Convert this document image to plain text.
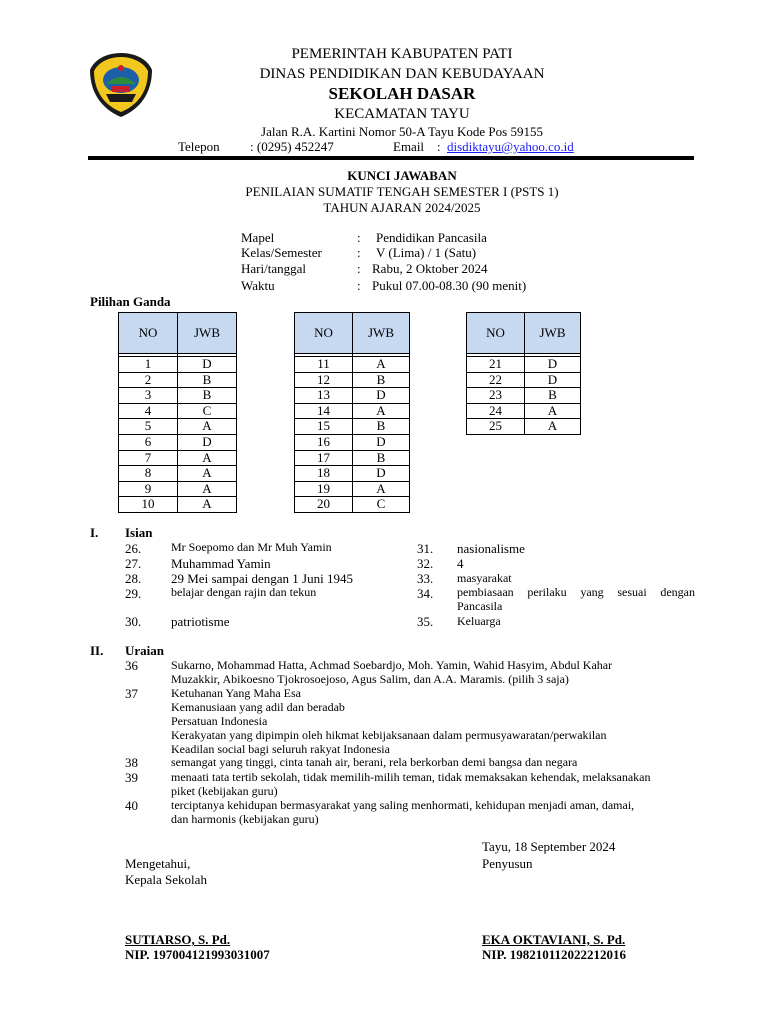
PEMERINTAH KABUPATEN PATI
DINAS PENDIDIKAN DAN KEBUDAYAAN
SEKOLAH DASAR
KECAMATAN TAYU
Jalan R.A. Kartini Nomor 50-A Tayu Kode Pos 59155
Telepon : (0295) 452247	Email : disdiktayu@yahoo.co.id
KUNCI JAWABAN
PENILAIAN SUMATIF TENGAH SEMESTER I (PSTS 1)
TAHUN AJARAN 2024/2025
Mapel	: Pendidikan Pancasila
Kelas/Semester	: V (Lima) / 1 (Satu)
Hari/tanggal	: Rabu, 2 Oktober 2024
Waktu	: Pukul 07.00-08.30 (90 menit)
Pilihan Ganda
NO	JWB

1	D
2	B
3	B
4	C
5	A
6	D
7	A
8	A
9	A
10	A
NO	JWB

11	A
12	B
13	D
14	A
15	B
16	D
17	B
18	D
19	A
20	C
NO	JWB

21	D
22	D
23	B
24	A
25	A
I. Isian
26. Mr Soepomo dan Mr Muh Yamin
27. Muhammad Yamin
28. 29 Mei sampai dengan 1 Juni 1945
29. belajar dengan rajin dan tekun
30. patriotisme
31. nasionalisme
32. 4
33. masyarakat
34. pembiasaan perilaku yang sesuai dengan Pancasila
35. Keluarga
II. Uraian
36	Sukarno, Mohammad Hatta, Achmad Soebardjo, Moh. Yamin, Wahid Hasyim, Abdul Kahar
Muzakkir, Abikoesno Tjokrosoejoso, Agus Salim, dan A.A. Maramis. (pilih 3 saja)
37	Ketuhanan Yang Maha Esa
Kemanusiaan yang adil dan beradab
Persatuan Indonesia
Kerakyatan yang dipimpin oleh hikmat kebijaksanaan dalam permusyawaratan/perwakilan
Keadilan social bagi seluruh rakyat Indonesia
38	semangat yang tinggi, cinta tanah air, berani, rela berkorban demi bangsa dan negara
39	menaati tata tertib sekolah, tidak memilih-milih teman, tidak memaksakan kehendak, melaksanakan
piket (kebijakan guru)
40	terciptanya kehidupan bermasyarakat yang saling menhormati, kehidupan menjadi aman, damai,
dan harmonis (kebijakan guru)
Tayu, 18 September 2024
Mengetahui,
Kepala Sekolah
Penyusun
SUTIARSO, S. Pd.
NIP. 197004121993031007
EKA OKTAVIANI, S. Pd.
NIP. 198210112022212016
